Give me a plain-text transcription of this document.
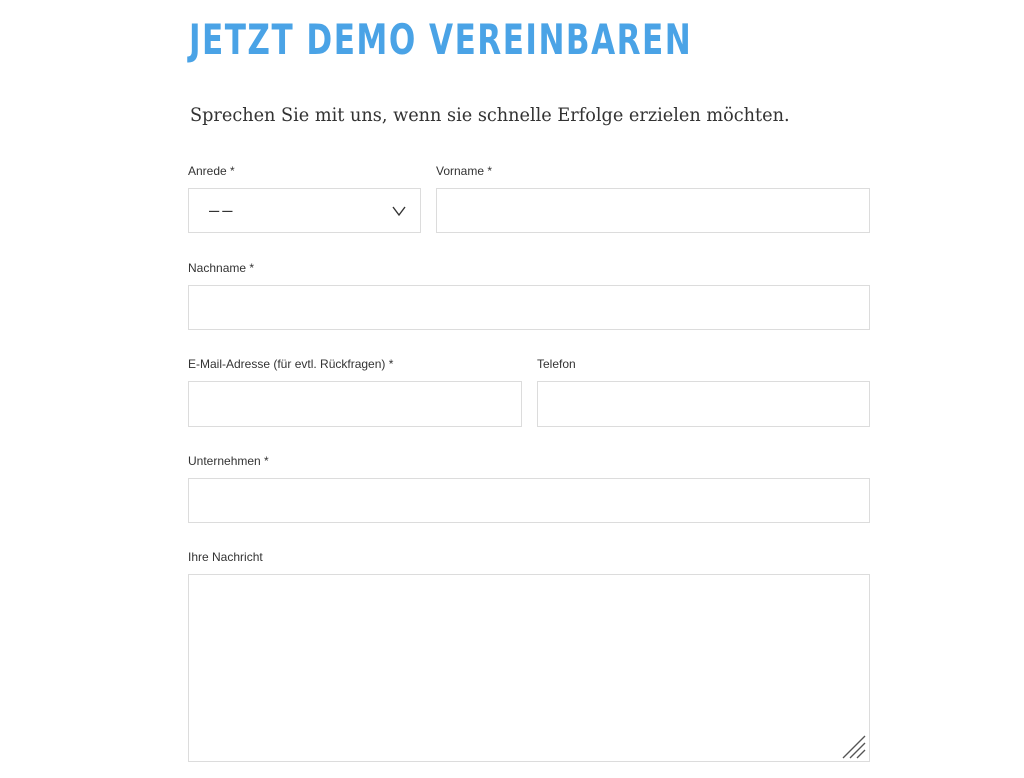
JETZT DEMO VEREINBAREN

Sprechen Sie mit uns, wenn sie schnelle Erfolge erzielen möchten.

Anrede *
––
Vorname *
Nachname *
E-Mail-Adresse (für evtl. Rückfragen) *	Telefon
Unternehmen *
Ihre Nachricht
